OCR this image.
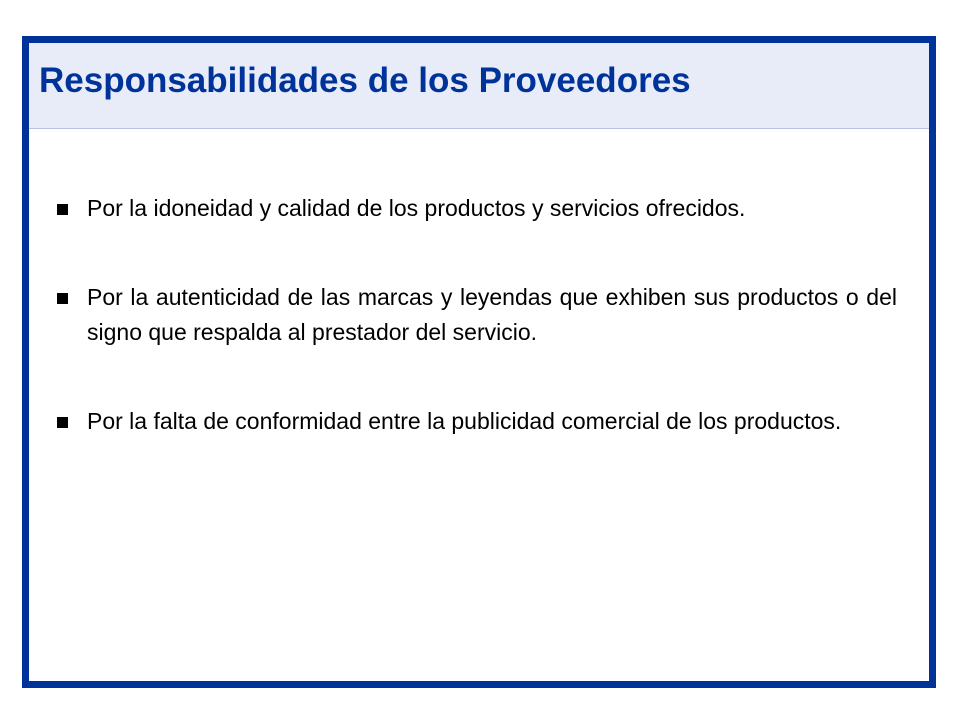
Responsabilidades de los Proveedores
Por la idoneidad y calidad de los productos y servicios ofrecidos.
Por la autenticidad de las marcas y leyendas que exhiben sus productos o del signo que respalda al prestador del servicio.
Por la falta de conformidad entre la publicidad comercial de los productos.
